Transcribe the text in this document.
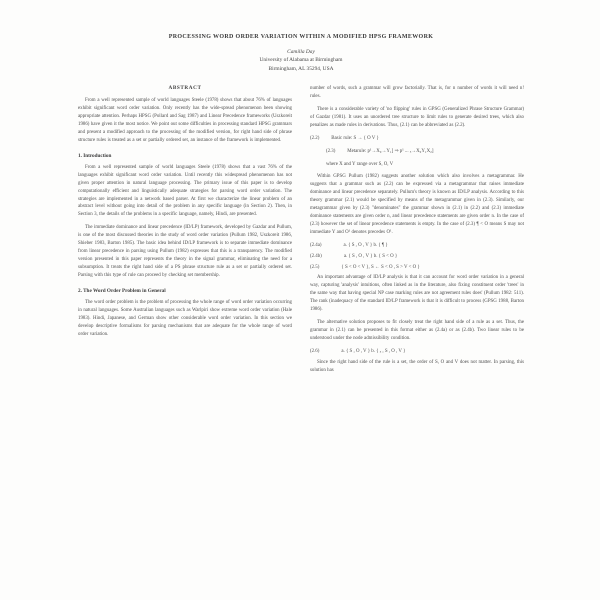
PROCESSING WORD ORDER VARIATION WITHIN A MODIFIED HPSG FRAMEWORK
Camilla Day
University of Alabama at Birmingham
Birmingham, AL 35294, USA
ABSTRACT

From a well represented sample of world languages Steele (1978) shows that about 76% of languages exhibit significant word order variation. Only recently has the wide-spread phenomenon been showing appropriate attention. Perhaps HPSG (Pollard and Sag 1987) and Linear Precedence frameworks (Uszkoreit 1986) have given it the most notice. We point out some difficulties in processing standard HPSG grammars and present a modified approach to the processing of the modified version, for right hand side of phrase structure rules is treated as a set or partially ordered set, an instance of the framework is implemented.

1. Introduction

From a well represented sample of world languages Steele (1978) shows that a vast 76% of the languages exhibit significant word order variation. Until recently this widespread phenomenon has not given proper attention in natural language processing. The primary issue of this paper is to develop computationally efficient and linguistically adequate strategies for parsing word order variation. The strategies are implemented in a network based parser. At first we characterize the linear problem of an abstract level without going into detail of the problem in any specific language (in Section 2). Then, in Section 3, the details of the problems in a specific language, namely, Hindi, are presented.

The immediate dominance and linear precedence (ID/LP) framework, developed by Gazdar and Pullum, is one of the most discussed theories in the study of word order variation (Pullum 1982, Uszkoreit 1986, Shieber 1983, Barton 1985). The basic idea behind ID/LP framework is to separate immediate dominance from linear precedence in parsing using Pullum (1982) expresses that this is a transparency. The modified version presented in this paper represents the theory in the signal grammar, eliminating the need for a subsumption. It treats the right hand side of a PS phrase structure rule as a set or partially ordered set. Parsing with this type of rule can proceed by checking set membership.

2. The Word Order Problem in General

The word order problem is the problem of processing the whole range of word order variation occurring in natural languages. Some Australian languages such as Warlpiri show extreme word order variation (Hale 1983). Hindi, Japanese, and German show other considerable word order variation. In this section we develop descriptive formalisms for parsing mechanisms that are adequate for the whole range of word order variation.

number of words, such a grammar will grow factorially. That is, for n number of words it will need n! rules.

There is a considerable variety of 'no flipping' rules in GPSG (Generalized Phrase Structure Grammar) of Gazdar (1981). It uses an unordered tree structure to limit rules to generate desired trees, which also penalizes as made rules in derivations. Thus, (2.1) can be abbreviated as (2.2).

(2.2) Basic rule: S → { O V }
(2.3) Metarule: p¹→X₀→Y₁] ⇒ p¹ ... ₓ→X₀Y₁X₂]
where X and Y range over S, O, V

Within GPSG Pullum (1982) suggests another solution which also involves a metagrammar. He suggests that a grammar such as (2.2) can be expressed via a metagrammar that raises immediate dominance and linear precedence separately. Pullum's theory is known as ID/LP analysis. According to this theory grammar (2.1) would be specified by means of the metagrammar given in (2.3). Similarly, our metagrammar given by (2.3) "denominates" the grammar shown in (2.1) in (2.2) and (2.3) immediate dominance statements are given order n, and linear precedence statements are given order n. In the case of (2.3) however the set of linear precedence statements is empty. In the case of (2.3) ¶ < O means S may not immediate Y and O¹ denotes precedes O¹.

(2.4a)	a. { S , O , V } b. { ¶ }
(2.4b)	a. { S , O , V } b. { S < O }
(2.5)	{ S < O < V }, S ← S < O , S > V < O }

An important advantage of ID/LP analysis is that it can account for word order variation in a general way, capturing 'analysis' intuitions, often linked as in the literature, also fixing constituent order 'trees' in the same way that having special NP case marking rules are not agreement rules does' (Pullum 1982: 511). The rank (inadequacy of the standard ID/LP framework is that it is difficult to process (GPSG 1988, Barton 1986).

The alternative solution proposes to fit closely treat the right hand side of a rule as a set. Thus, the grammar in (2.1) can be presented in this format either as (2.4a) or as (2.4b). Two linear rules to be understood under the node admissibility condition.

(2.6)	a. { S , O , V } b. { ₓ , S , O , V }

Since the right hand side of the rule is a set, the order of S, O and V does not matter. In parsing, this solution has
